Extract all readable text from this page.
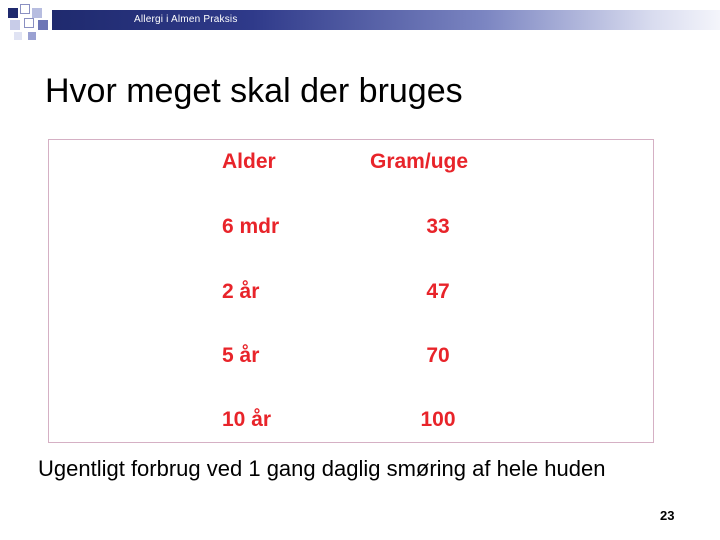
Allergi i Almen Praksis
Hvor meget skal der bruges
Alder	Gram/uge
6 mdr	33
2 år	47
5 år	70
10 år	100
Ugentligt forbrug ved 1 gang daglig smøring af hele huden
23
